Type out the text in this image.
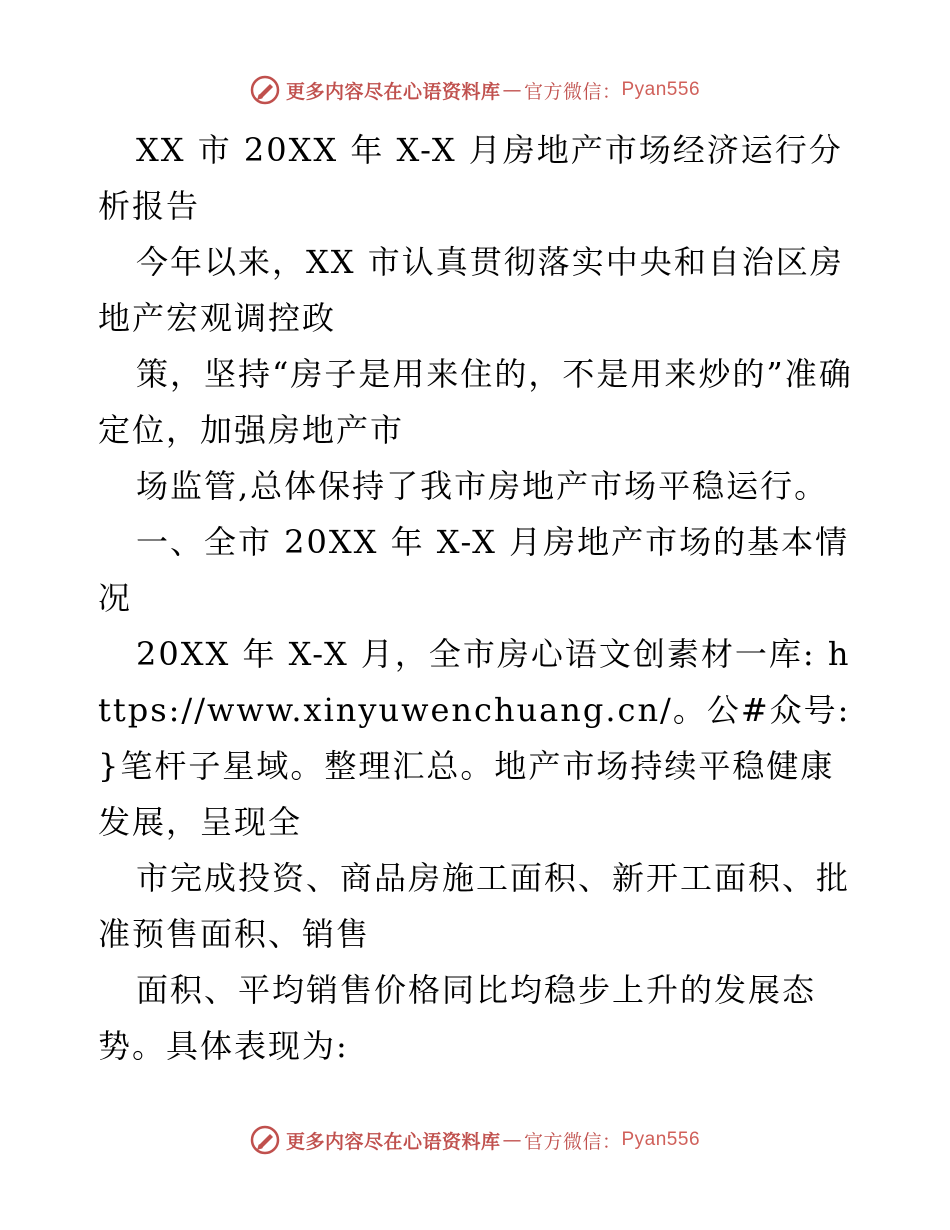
更多内容尽在心语资料库 — 官方微信： Pyan556

XX 市 20XX 年 X-X 月房地产市场经济运行分析报告

今年以来，XX 市认真贯彻落实中央和自治区房地产宏观调控政

策，坚持“房子是用来住的，不是用来炒的”准确定位，加强房地产市

场监管,总体保持了我市房地产市场平稳运行。

一、全市 20XX 年 X-X 月房地产市场的基本情况

20XX 年 X-X 月，全市房心语文创素材一库: https://www.xinyuwenchuang.cn/。公#众号: }笔杆子星域。整理汇总。地产市场持续平稳健康发展，呈现全

市完成投资、商品房施工面积、新开工面积、批准预售面积、销售

面积、平均销售价格同比均稳步上升的发展态势。具体表现为:

更多内容尽在心语资料库 — 官方微信： Pyan556
